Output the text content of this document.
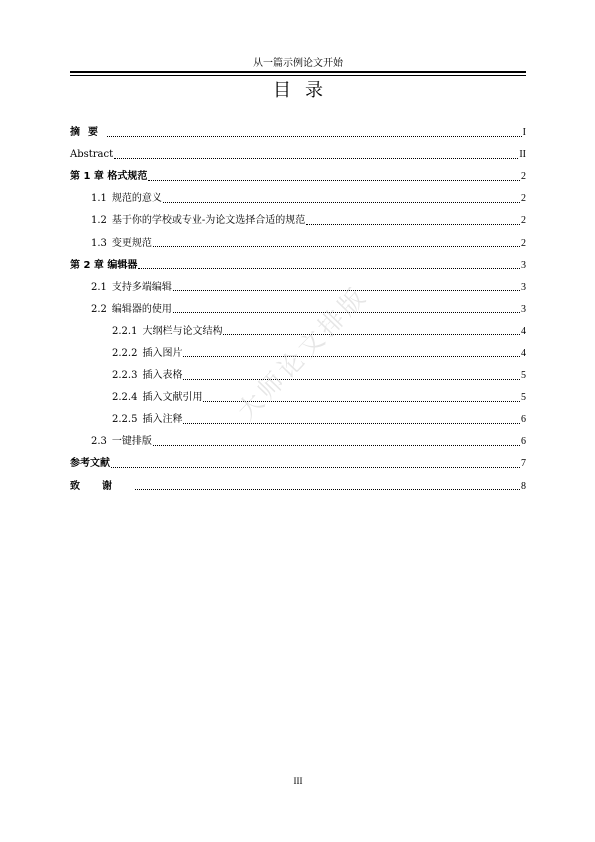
从一篇示例论文开始
目录
摘要	I
Abstract	II
第 1 章 格式规范	2
1.1 规范的意义	2
1.2 基于你的学校或专业-为论文选择合适的规范	2
1.3 变更规范	2
第 2 章 编辑器	3
2.1 支持多端编辑	3
2.2 编辑器的使用	3
2.2.1 大纲栏与论文结构	4
2.2.2 插入图片	4
2.2.3 插入表格	5
2.2.4 插入文献引用	5
2.2.5 插入注释	6
2.3 一键排版	6
参考文献	7
致谢	8
大师论文排版
III
